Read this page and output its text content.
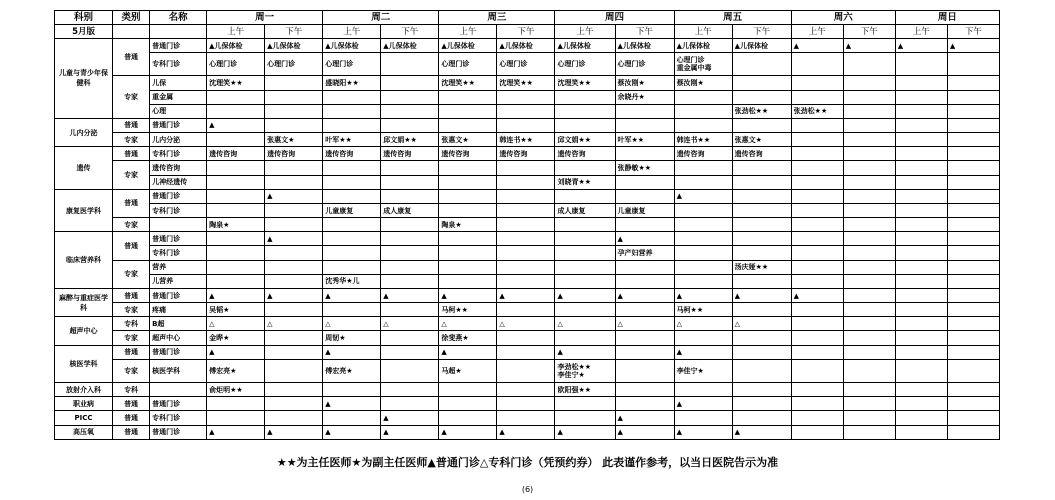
科别	类别	名称	周一		周二		周三		周四		周五		周六		周日	
5月版			上午	下午	上午	下午	上午	下午	上午	下午	上午	下午	上午	下午	上午	下午
儿童与青少年保健科	普通	普通门诊	▲儿保体检	▲儿保体检	▲儿保体检	▲儿保体检	▲儿保体检	▲儿保体检	▲儿保体检	▲儿保体检	▲儿保体检	▲儿保体检	▲	▲	▲	▲
		专科门诊	心理门诊	心理门诊	心理门诊		心理门诊	心理门诊	心理门诊	心理门诊	心理门诊
重金属中毒					
	专家	儿保	沈理笑★★		盛晓阳★★		沈理笑★★	沈理笑★★	沈理笑★★	蔡汝刚★	蔡汝刚★					
		重金属								余晓丹★						
		心理										张劲松★★	张劲松★★			
儿内分泌	普通	普通门诊	▲													
	专家	儿内分泌		张惠文★	叶军★★	邱文娟★★	张惠文★	韩连书★★	邱文娟★★	叶军★★	韩连书★★	张惠文★				
遗传	普通	专科门诊	遗传咨询	遗传咨询	遗传咨询	遗传咨询	遗传咨询	遗传咨询	遗传咨询		遗传咨询	遗传咨询				
	专家	遗传咨询								张静敏★★						
		儿神经遗传							刘晓青★★							
康复医学科	普通	普通门诊		▲							▲					
		专科门诊			儿童康复	成人康复			成人康复	儿童康复						
	专家		陶泉★				陶泉★									
临床营养科	普通	普通门诊		▲						▲						
		专科门诊								孕产妇营养						
	专家	营养										汤庆娅★★				
		儿营养			沈秀华★儿											
麻醉与重症医学科	普通	普通门诊	▲	▲	▲	▲	▲	▲	▲	▲	▲	▲	▲			
	专家	疼痛	吴韬★				马柯★★				马柯★★					
超声中心	专科	B超	△	△	△	△	△	△	△	△	△	△				
	专家	超声中心	金晔★		周韧★		徐斐燕★									
核医学科	普通	普通门诊	▲		▲		▲		▲		▲					
	专家	核医学科	傅宏亮★		傅宏亮★		马超★		李劲松★★
李佳宁★		李佳宁★					
放射介入科	专科		俞炬明★★						欧阳强★★							
职业病	普通	普通门诊			▲						▲					
PICC	普通	专科门诊				▲				▲						
高压氧	普通	普通门诊	▲	▲	▲	▲	▲	▲	▲	▲	▲	▲				
★★为主任医师★为副主任医师▲普通门诊△专科门诊（凭预约券） 此表谨作参考，以当日医院告示为准
(6)
